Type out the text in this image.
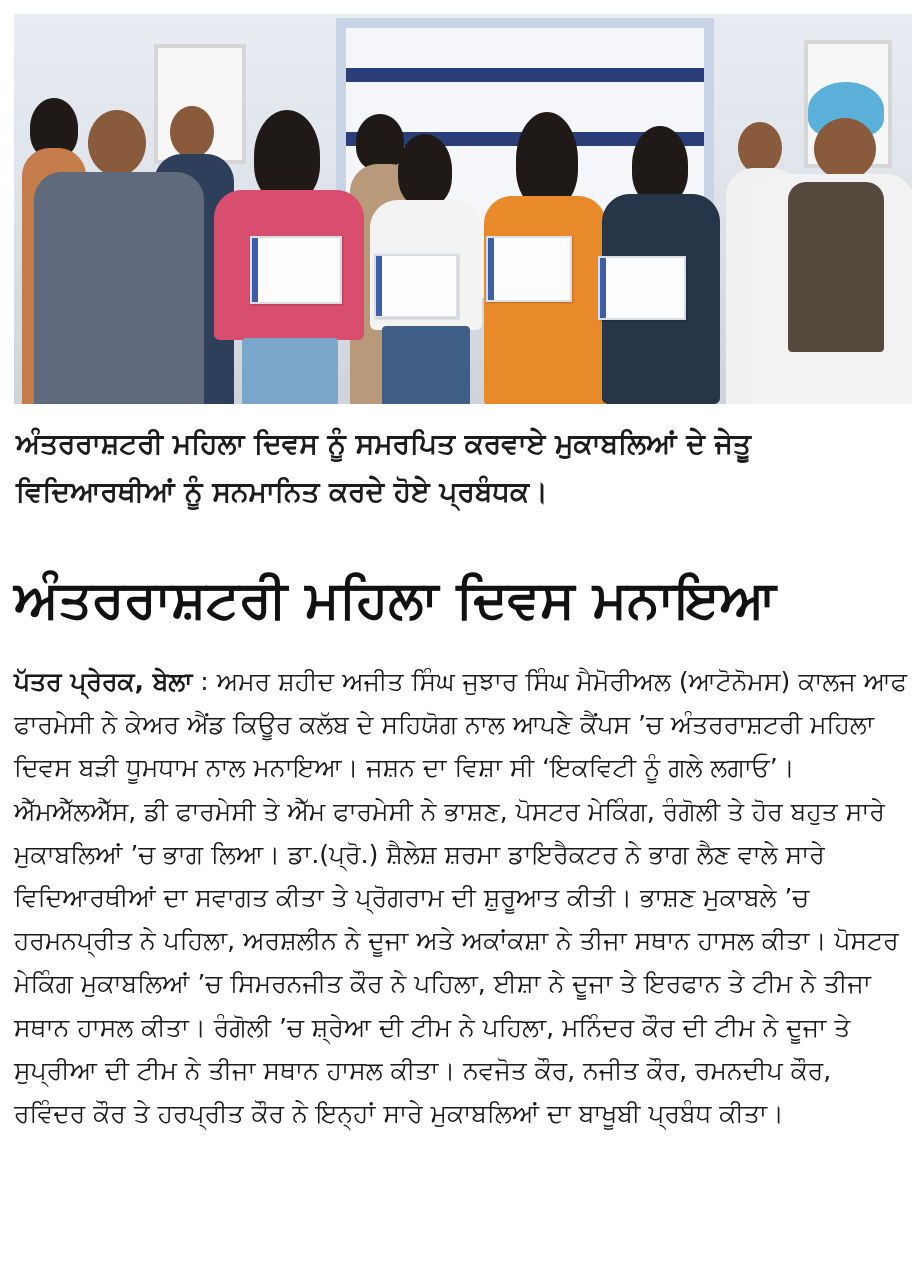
ਅੰਤਰਰਾਸ਼ਟਰੀ ਮਹਿਲਾ ਦਿਵਸ ਨੂੰ ਸਮਰਪਿਤ ਕਰਵਾਏ ਮੁਕਾਬਲਿਆਂ ਦੇ ਜੇਤੂ ਵਿਦਿਆਰਥੀਆਂ ਨੂੰ ਸਨਮਾਨਿਤ ਕਰਦੇ ਹੋਏ ਪ੍ਰਬੰਧਕ।
ਅੰਤਰਰਾਸ਼ਟਰੀ ਮਹਿਲਾ ਦਿਵਸ ਮਨਾਇਆ
ਪੱਤਰ ਪ੍ਰੇਰਕ, ਬੇਲਾ : ਅਮਰ ਸ਼ਹੀਦ ਅਜੀਤ ਸਿੰਘ ਜੁਝਾਰ ਸਿੰਘ ਮੈਮੋਰੀਅਲ (ਆਟੋਨੋਮਸ) ਕਾਲਜ ਆਫ ਫਾਰਮੇਸੀ ਨੇ ਕੇਅਰ ਐਂਡ ਕਿਊਰ ਕਲੱਬ ਦੇ ਸਹਿਯੋਗ ਨਾਲ ਆਪਣੇ ਕੈਂਪਸ ’ਚ ਅੰਤਰਰਾਸ਼ਟਰੀ ਮਹਿਲਾ ਦਿਵਸ ਬੜੀ ਧੂਮਧਾਮ ਨਾਲ ਮਨਾਇਆ। ਜਸ਼ਨ ਦਾ ਵਿਸ਼ਾ ਸੀ ‘ਇਕਵਿਟੀ ਨੂੰ ਗਲੇ ਲਗਾਓ’। ਐੱਮਐੱਲਐੱਸ, ਡੀ ਫਾਰਮੇਸੀ ਤੇ ਐੱਮ ਫਾਰਮੇਸੀ ਨੇ ਭਾਸ਼ਣ, ਪੋਸਟਰ ਮੇਕਿੰਗ, ਰੰਗੋਲੀ ਤੇ ਹੋਰ ਬਹੁਤ ਸਾਰੇ ਮੁਕਾਬਲਿਆਂ ’ਚ ਭਾਗ ਲਿਆ। ਡਾ.(ਪ੍ਰੋ.) ਸ਼ੈਲੇਸ਼ ਸ਼ਰਮਾ ਡਾਇਰੈਕਟਰ ਨੇ ਭਾਗ ਲੈਣ ਵਾਲੇ ਸਾਰੇ ਵਿਦਿਆਰਥੀਆਂ ਦਾ ਸਵਾਗਤ ਕੀਤਾ ਤੇ ਪ੍ਰੋਗਰਾਮ ਦੀ ਸ਼ੁਰੂਆਤ ਕੀਤੀ। ਭਾਸ਼ਣ ਮੁਕਾਬਲੇ ’ਚ ਹਰਮਨਪ੍ਰੀਤ ਨੇ ਪਹਿਲਾ, ਅਰਸ਼ਲੀਨ ਨੇ ਦੂਜਾ ਅਤੇ ਅਕਾਂਕਸ਼ਾ ਨੇ ਤੀਜਾ ਸਥਾਨ ਹਾਸਲ ਕੀਤਾ। ਪੋਸਟਰ ਮੇਕਿੰਗ ਮੁਕਾਬਲਿਆਂ ’ਚ ਸਿਮਰਨਜੀਤ ਕੌਰ ਨੇ ਪਹਿਲਾ, ਈਸ਼ਾ ਨੇ ਦੂਜਾ ਤੇ ਇਰਫਾਨ ਤੇ ਟੀਮ ਨੇ ਤੀਜਾ ਸਥਾਨ ਹਾਸਲ ਕੀਤਾ। ਰੰਗੋਲੀ ’ਚ ਸ਼੍ਰੇਆ ਦੀ ਟੀਮ ਨੇ ਪਹਿਲਾ, ਮਨਿੰਦਰ ਕੌਰ ਦੀ ਟੀਮ ਨੇ ਦੂਜਾ ਤੇ ਸੁਪ੍ਰੀਆ ਦੀ ਟੀਮ ਨੇ ਤੀਜਾ ਸਥਾਨ ਹਾਸਲ ਕੀਤਾ। ਨਵਜੋਤ ਕੌਰ, ਨਜੀਤ ਕੌਰ, ਰਮਨਦੀਪ ਕੌਰ, ਰਵਿੰਦਰ ਕੌਰ ਤੇ ਹਰਪ੍ਰੀਤ ਕੌਰ ਨੇ ਇਨ੍ਹਾਂ ਸਾਰੇ ਮੁਕਾਬਲਿਆਂ ਦਾ ਬਾਖੂਬੀ ਪ੍ਰਬੰਧ ਕੀਤਾ।
